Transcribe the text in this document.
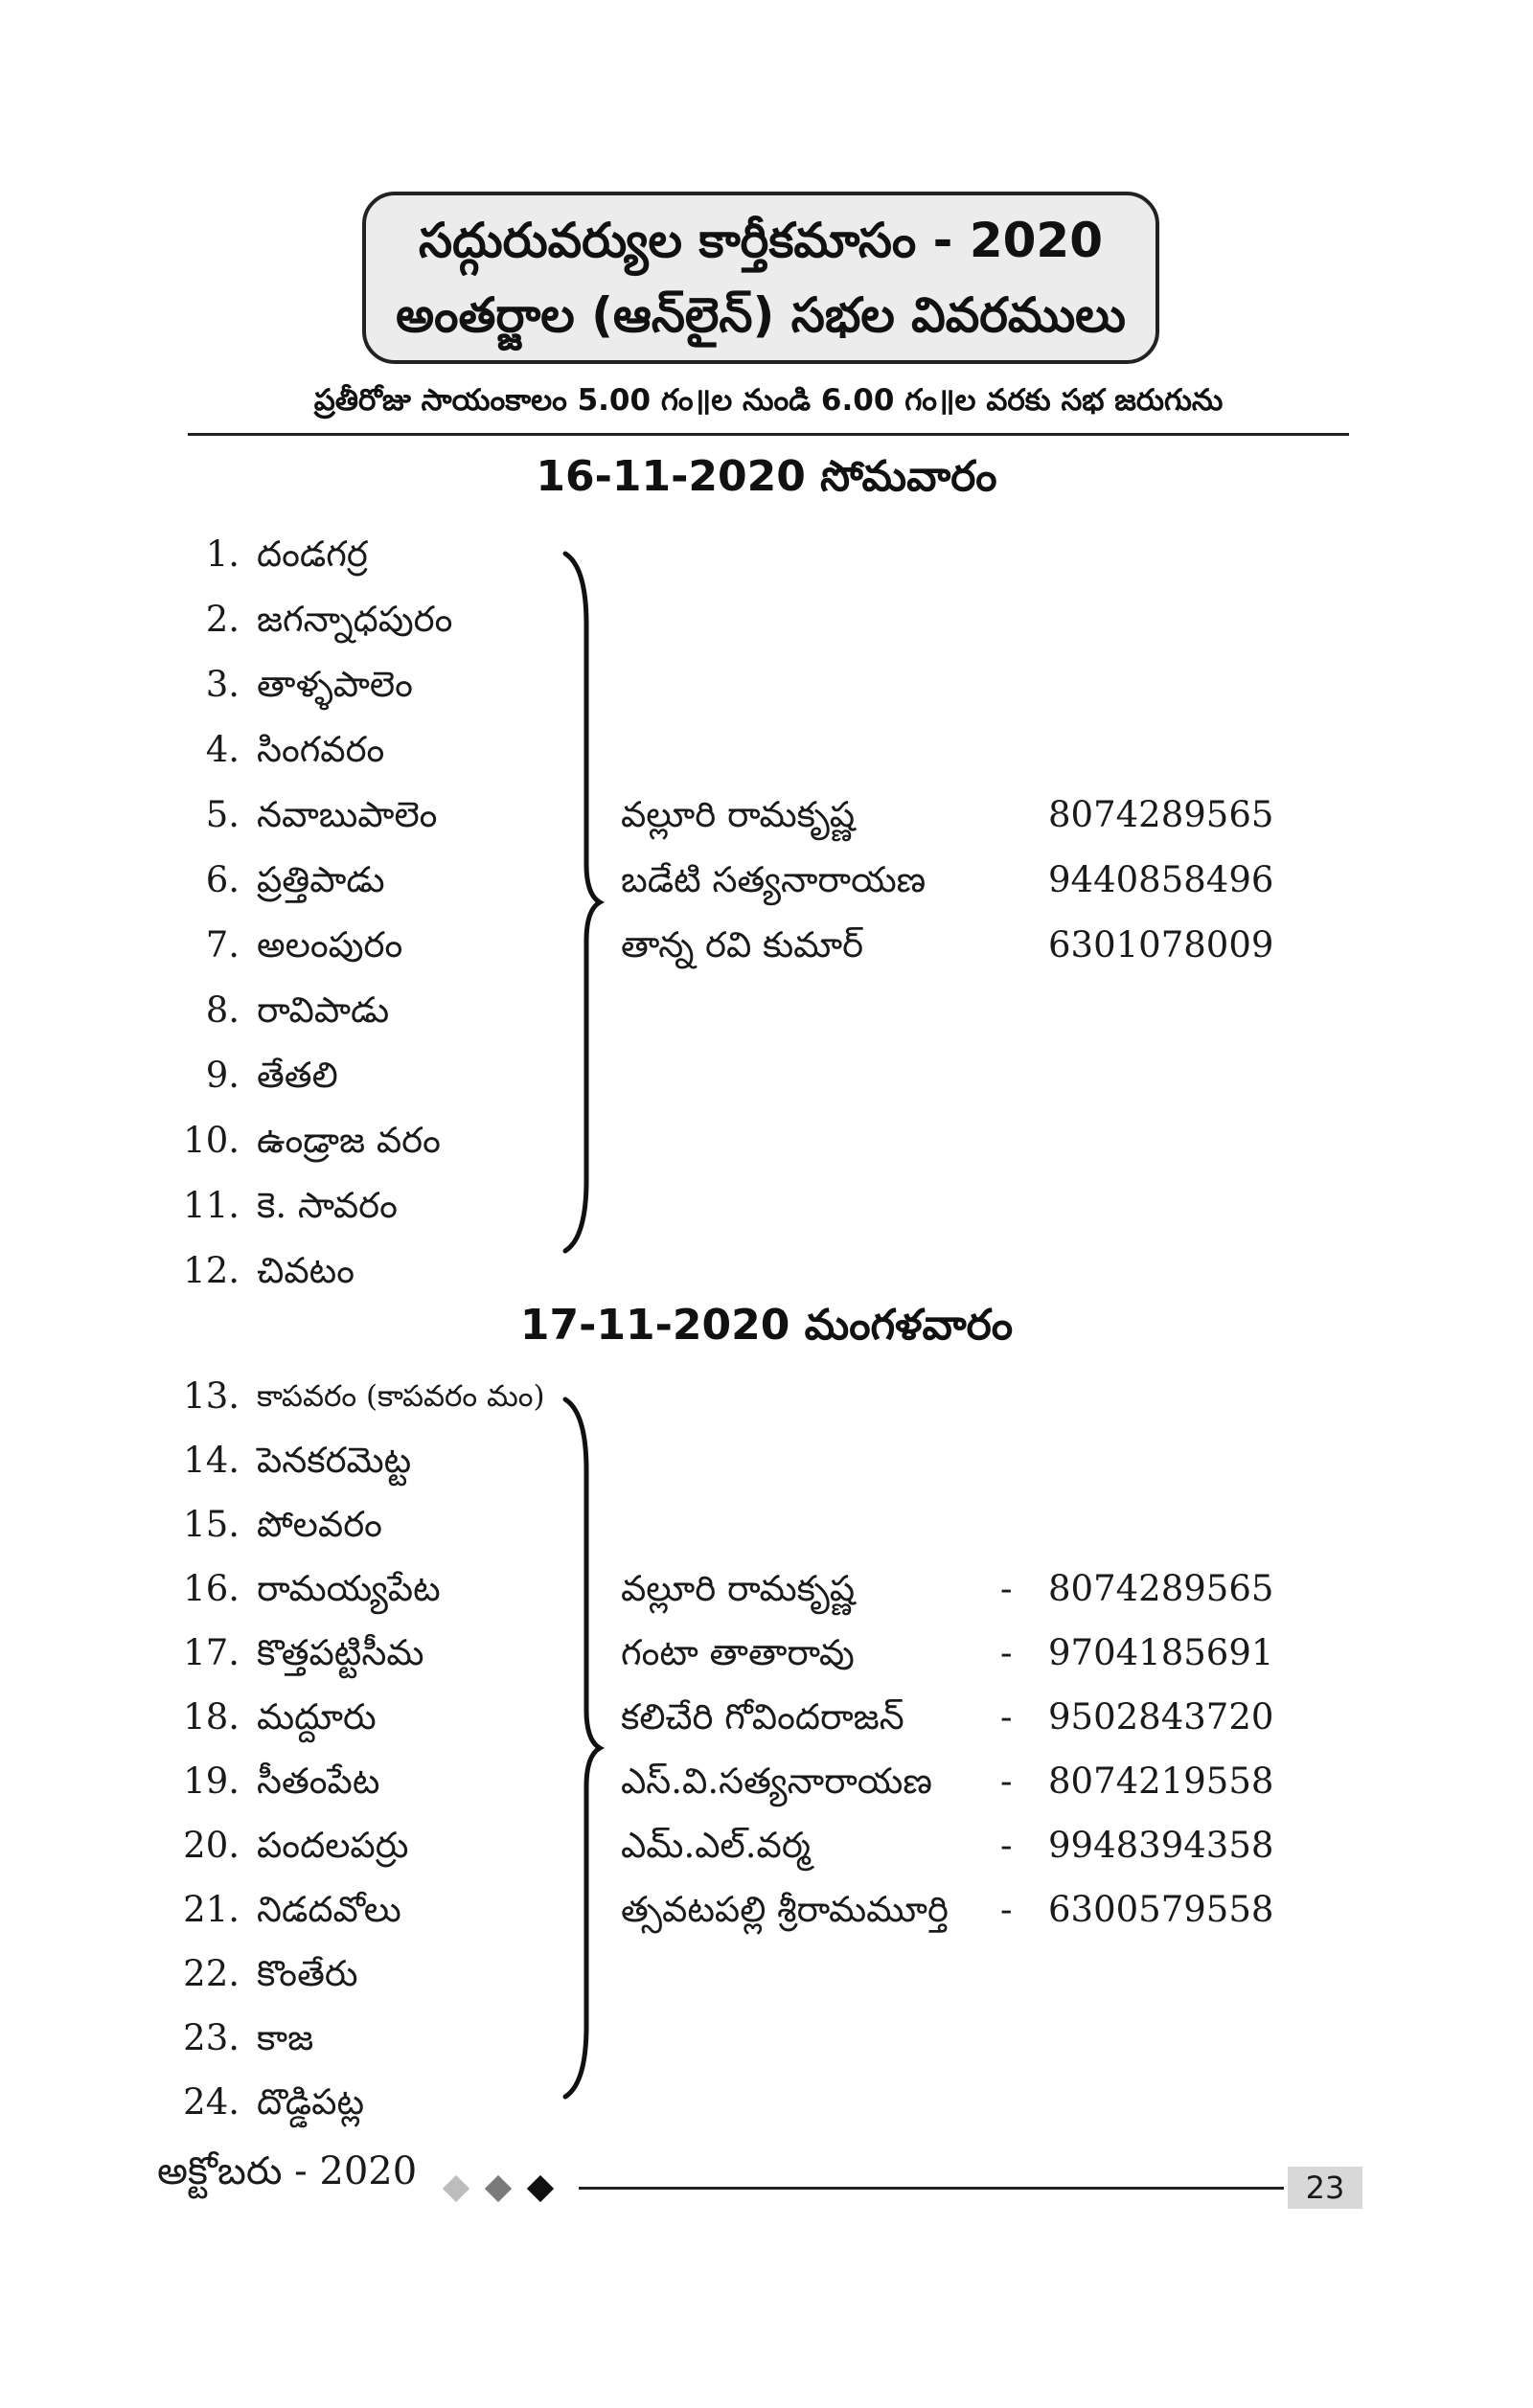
సద్గురువర్యుల కార్తీకమాసం - 2020
అంతర్జాల (ఆన్‌లైన్) సభల వివరములు
ప్రతీరోజు సాయంకాలం 5.00 గం॥ల నుండి 6.00 గం॥ల వరకు సభ జరుగును
16-11-2020 సోమవారం
1. దండగర్ర
2. జగన్నాధపురం
3. తాళ్ళపాలెం
4. సింగవరం
5. నవాబుపాలెం	వల్లూరి రామకృష్ణ	8074289565
6. ప్రత్తిపాడు	బడేటి సత్యనారాయణ	9440858496
7. అలంపురం	తాన్న రవి కుమార్	6301078009
8. రావిపాడు
9. తేతలి
10. ఉండ్రాజ వరం
11. కె. సావరం
12. చివటం
17-11-2020 మంగళవారం
13. కాపవరం (కాపవరం మం)
14. పెనకరమెట్ట
15. పోలవరం
16. రామయ్యపేట	వల్లూరి రామకృష్ణ	- 8074289565
17. కొత్తపట్టిసీమ	గంటా తాతారావు	- 9704185691
18. మద్దూరు	కలిచేరి గోవిందరాజన్	- 9502843720
19. సీతంపేట	ఎస్.వి.సత్యనారాయణ - 8074219558
20. పందలపర్రు	ఎమ్.ఎల్.వర్మ	- 9948394358
21. నిడదవోలు	త్సవటపల్లి శ్రీరామమూర్తి - 6300579558
22. కొంతేరు
23. కాజ
24. దొడ్డిపట్ల
అక్టోబరు - 2020	23
